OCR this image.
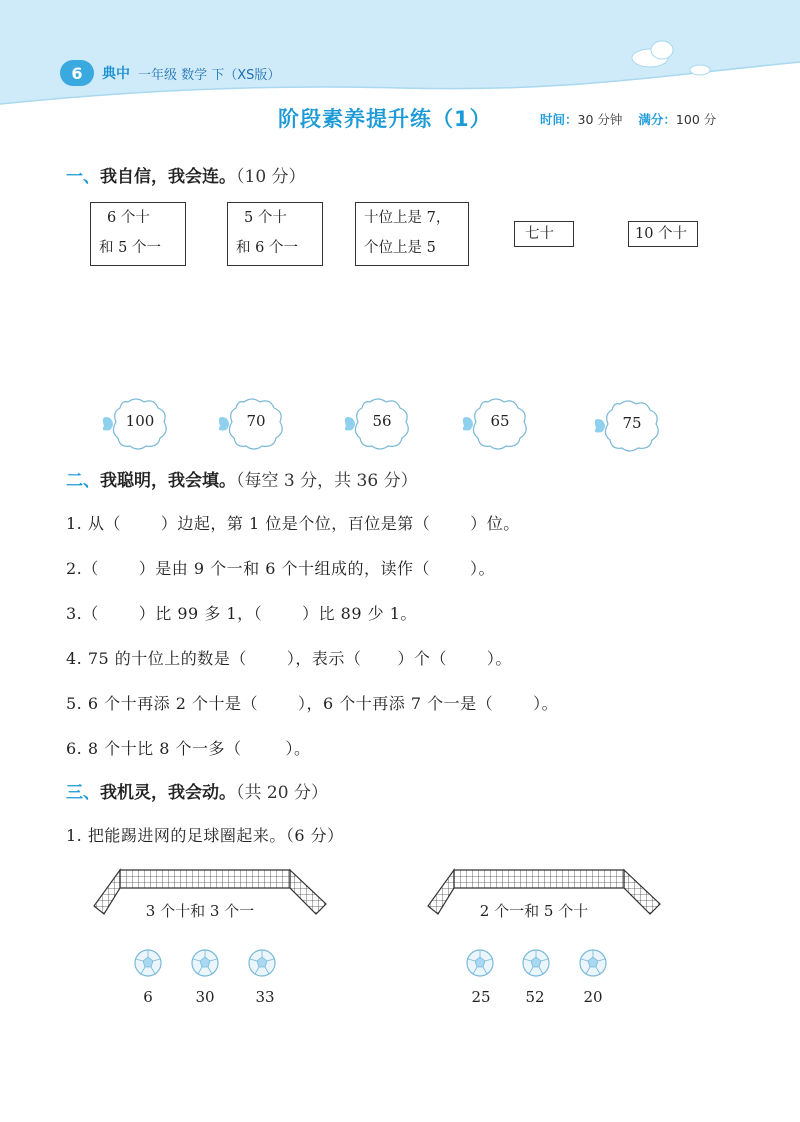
6	典中 一年级 数学 下（XS版）
阶段素养提升练（1）	时间：30 分钟 满分：100 分
一、我自信，我会连。（10 分）
6 个十
和 5 个一
5 个十
和 6 个一
十位上是 7，
个位上是 5
七十	10 个十
100	70	56	65	75
二、我聪明，我会填。（每空 3 分，共 36 分）
1. 从（	）边起，第 1 位是个位，百位是第（	）位。
2.（	）是由 9 个一和 6 个十组成的，读作（	）。
3.（	）比 99 多 1，（	）比 89 少 1。
4. 75 的十位上的数是（	），表示（ ）个（	）。
5. 6 个十再添 2 个十是（	），6 个十再添 7 个一是（	）。
6. 8 个十比 8 个一多（	）。
三、我机灵，我会动。（共 20 分）
1. 把能踢进网的足球圈起来。（6 分）
3 个十和 3 个一	2 个一和 5 个十
6	30	33	25	52	20
